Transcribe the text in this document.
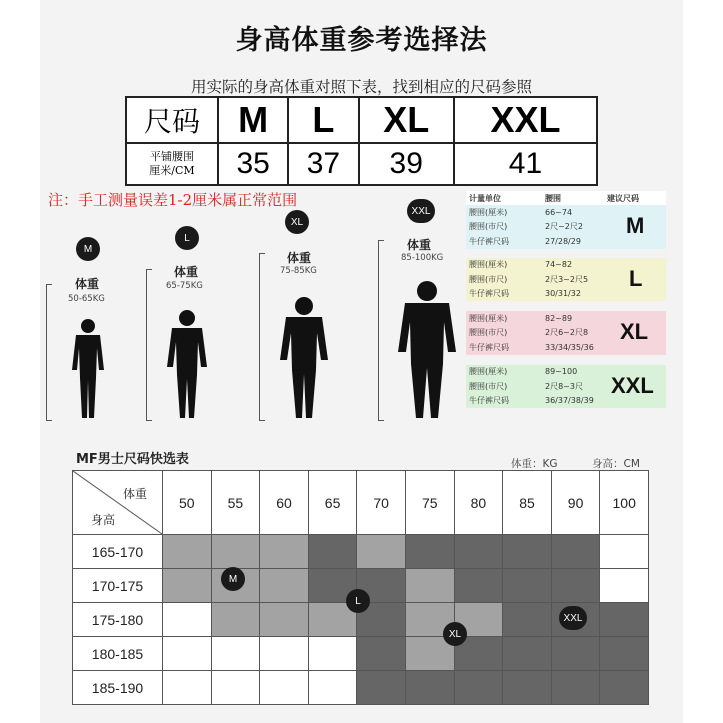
身高体重参考选择法
用实际的身高体重对照下表，找到相应的尺码参照
尺码	M	L	XL	XXL

平铺腰围
厘米/CM	35	37	39	41
注：手工测量误差1-2厘米属正常范围
M
体重
50-65KG
L
体重
65-75KG
XL
体重
75-85KG
XXL
体重
85-100KG
计量单位	腰围	建议尺码
腰围(厘米)	66~74
腰围(市尺)	2尺~2尺2
牛仔裤尺码	27/28/29
M
腰围(厘米)	74~82
腰围(市尺)	2尺3~2尺5
牛仔裤尺码	30/31/32
L
腰围(厘米)	82~89
腰围(市尺)	2尺6~2尺8
牛仔裤尺码	33/34/35/36
XL
腰围(厘米)	89~100
腰围(市尺)	2尺8~3尺
牛仔裤尺码	36/37/38/39
XXL
MF男士尺码快选表	体重：KG	身高：CM
体重
身高
50	55	60	65	70	75	80	85	90	100
165-170
170-175
175-180
180-185
185-190
M
L
XL
XXL
